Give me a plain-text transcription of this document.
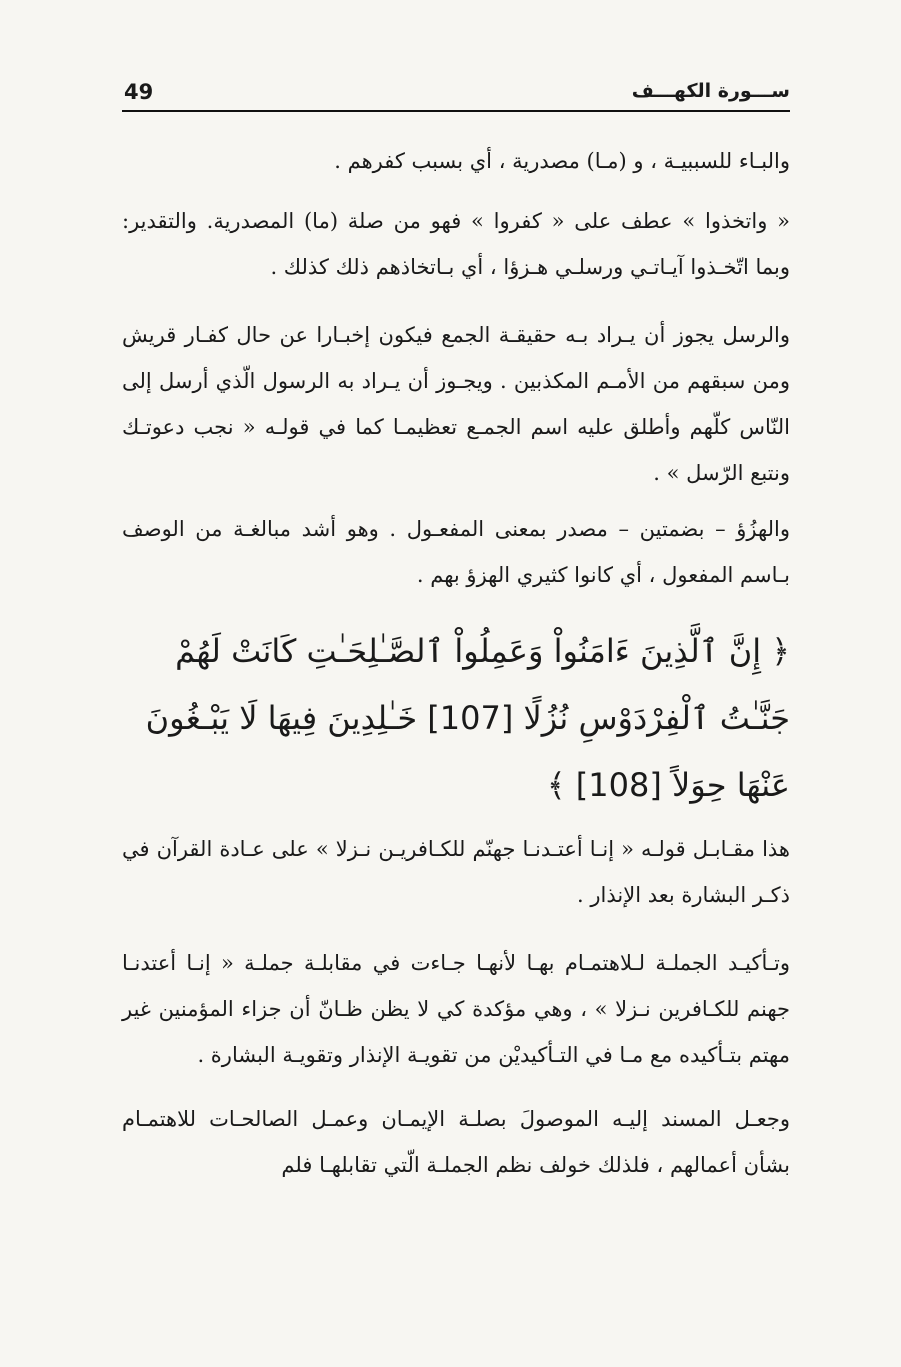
49	ســـورة الكهـــف

والبـاء للسببيـة ، و (مـا) مصدرية ، أي بسبب كفرهم .

« واتخذوا » عطف على « كفروا » فهو من صلة (ما) المصدرية. والتقدير: وبما اتّخـذوا آيـاتـي ورسلـي هـزؤا ، أي بـاتخاذهم ذلك كذلك .

والرسل يجوز أن يـراد بـه حقيقـة الجمع فيكون إخبـارا عن حال كفـار قريش ومن سبقهم من الأمـم المكذبين . ويجـوز أن يـراد به الرسول الّذي أرسل إلى النّاس كلّهم وأطلق عليه اسم الجمـع تعظيمـا كما في قولـه « نجب دعوتـك ونتبع الرّسل » .

والهزُؤ – بضمتين – مصدر بمعنى المفعـول . وهو أشد مبالغـة من الوصف بـاسم المفعول ، أي كانوا كثيري الهزؤ بهم .

﴿ إِنَّ ٱلَّذِينَ ءَامَنُواْ وَعَمِلُواْ ٱلصَّـٰلِحَـٰتِ كَانَتْ لَهُمْ
جَنَّـٰتُ ٱلْفِرْدَوْسِ نُزُلًا [107] خَـٰلِدِينَ فِيهَا لَا يَبْـغُونَ
عَنْهَا حِوَلاً [108] ﴾

هذا مقـابـل قولـه « إنـا أعتـدنـا جهنّم للكـافريـن نـزلا » على عـادة القرآن في ذكـر البشارة بعد الإنذار .

وتـأكيـد الجملـة لـلاهتمـام بهـا لأنهـا جـاءت في مقابلـة جملـة « إنـا أعتدنـا جهنم للكـافرين نـزلا » ، وهي مؤكدة كي لا يظن ظـانّ أن جزاء المؤمنين غير مهتم بتـأكيده مع مـا في التـأكيديْن من تقويـة الإنذار وتقويـة البشارة .

وجعـل المسند إليـه الموصولَ بصلـة الإيمـان وعمـل الصالحـات للاهتمـام بشأن أعمالهم ، فلذلك خولف نظم الجملـة الّتي تقابلهـا فلم
